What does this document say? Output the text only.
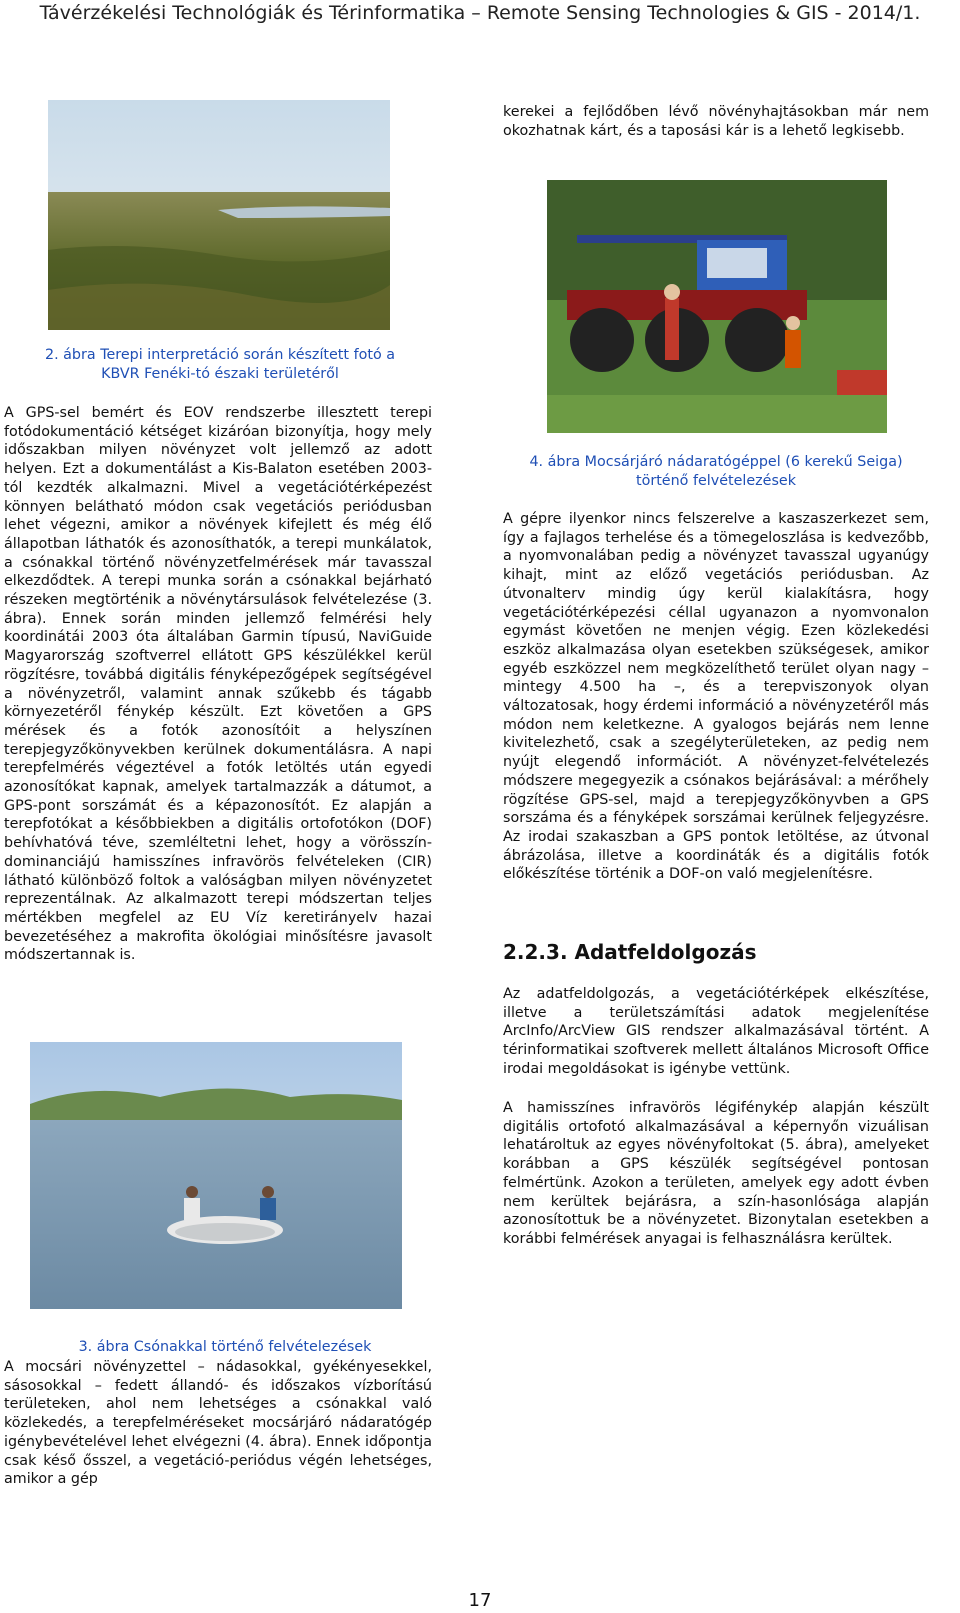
Távérzékelési Technológiák és Térinformatika – Remote Sensing Technologies & GIS - 2014/1.
2. ábra Terepi interpretáció során készített fotó a KBVR Fenéki-tó északi területéről
A GPS-sel bemért és EOV rendszerbe illesztett terepi fotódokumentáció kétséget kizáróan bizonyítja, hogy mely időszakban milyen növényzet volt jellemző az adott helyen. Ezt a dokumentálást a Kis-Balaton esetében 2003-tól kezdték alkalmazni. Mivel a vegetációtérképezést könnyen belátható módon csak vegetációs periódusban lehet végezni, amikor a növények kifejlett és még élő állapotban láthatók és azonosíthatók, a terepi munkálatok, a csónakkal történő növényzetfelmérések már tavasszal elkezdődtek. A terepi munka során a csónakkal bejárható részeken megtörténik a növénytársulások felvételezése (3. ábra). Ennek során minden jellemző felmérési hely koordinátái 2003 óta általában Garmin típusú, NaviGuide Magyarország szoftverrel ellátott GPS készülékkel kerül rögzítésre, továbbá digitális fényképezőgépek segítségével a növényzetről, valamint annak szűkebb és tágabb környezetéről fénykép készült. Ezt követően a GPS mérések és a fotók azonosítóit a helyszínen terepjegyzőkönyvekben kerülnek dokumentálásra. A napi terepfelmérés végeztével a fotók letöltés után egyedi azonosítókat kapnak, amelyek tartalmazzák a dátumot, a GPS-pont sorszámát és a képazonosítót. Ez alapján a terepfotókat a későbbiekben a digitális ortofotókon (DOF) behívhatóvá téve, szemléltetni lehet, hogy a vörösszín-dominanciájú hamisszínes infravörös felvételeken (CIR) látható különböző foltok a valóságban milyen növényzetet reprezentálnak. Az alkalmazott terepi módszertan teljes mértékben megfelel az EU Víz keretirányelv hazai bevezetéséhez a makrofita ökológiai minősítésre javasolt módszertannak is.
3. ábra Csónakkal történő felvételezések
A mocsári növényzettel – nádasokkal, gyékényesekkel, sásosokkal – fedett állandó- és időszakos vízborítású területeken, ahol nem lehetséges a csónakkal való közlekedés, a terepfelméréseket mocsárjáró nádaratógép igénybevételével lehet elvégezni (4. ábra). Ennek időpontja csak késő ősszel, a vegetáció-periódus végén lehetséges, amikor a gép
kerekei a fejlődőben lévő növényhajtásokban már nem okozhatnak kárt, és a taposási kár is a lehető legkisebb.
4. ábra Mocsárjáró nádaratógéppel (6 kerekű Seiga) történő felvételezések
A gépre ilyenkor nincs felszerelve a kaszaszerkezet sem, így a fajlagos terhelése és a tömegeloszlása is kedvezőbb, a nyomvonalában pedig a növényzet tavasszal ugyanúgy kihajt, mint az előző vegetációs periódusban. Az útvonalterv mindig úgy kerül kialakításra, hogy vegetációtérképezési céllal ugyanazon a nyomvonalon egymást követően ne menjen végig. Ezen közlekedési eszköz alkalmazása olyan esetekben szükségesek, amikor egyéb eszközzel nem megközelíthető terület olyan nagy – mintegy 4.500 ha –, és a terepviszonyok olyan változatosak, hogy érdemi információ a növényzetéről más módon nem keletkezne. A gyalogos bejárás nem lenne kivitelezhető, csak a szegélyterületeken, az pedig nem nyújt elegendő információt. A növényzet-felvételezés módszere megegyezik a csónakos bejárásával: a mérőhely rögzítése GPS-sel, majd a terepjegyzőkönyvben a GPS sorszáma és a fényképek sorszámai kerülnek feljegyzésre. Az irodai szakaszban a GPS pontok letöltése, az útvonal ábrázolása, illetve a koordináták és a digitális fotók előkészítése történik a DOF-on való megjelenítésre.
2.2.3. Adatfeldolgozás
Az adatfeldolgozás, a vegetációtérképek elkészítése, illetve a területszámítási adatok megjelenítése ArcInfo/ArcView GIS rendszer alkalmazásával történt. A térinformatikai szoftverek mellett általános Microsoft Office irodai megoldásokat is igénybe vettünk.
A hamisszínes infravörös légifénykép alapján készült digitális ortofotó alkalmazásával a képernyőn vizuálisan lehatároltuk az egyes növényfoltokat (5. ábra), amelyeket korábban a GPS készülék segítségével pontosan felmértünk. Azokon a területen, amelyek egy adott évben nem kerültek bejárásra, a szín-hasonlósága alapján azonosítottuk be a növényzetet. Bizonytalan esetekben a korábbi felmérések anyagai is felhasználásra kerültek.
17
